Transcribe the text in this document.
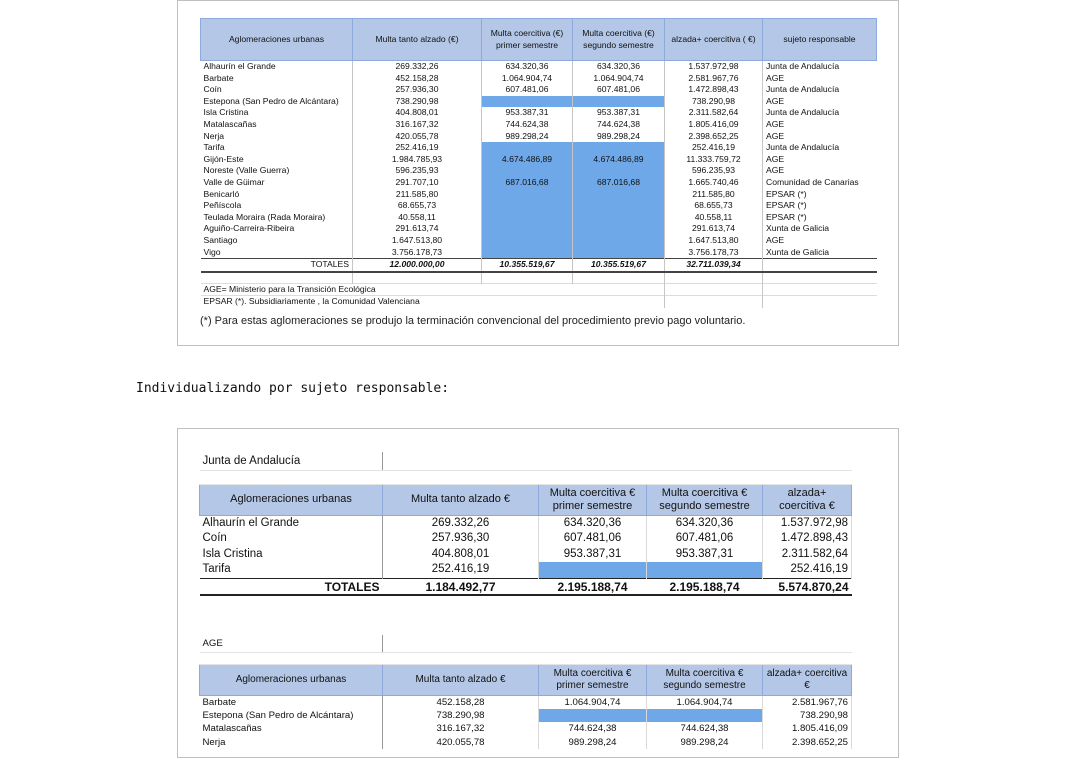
Aglomeraciones urbanas	Multa tanto alzado (€)	Multa coercitiva (€) primer semestre	Multa coercitiva (€) segundo semestre	alzada+ coercitiva ( €)	sujeto responsable
Alhaurín el Grande	269.332,26	634.320,36	634.320,36	1.537.972,98	Junta de Andalucía
Barbate	452.158,28	1.064.904,74	1.064.904,74	2.581.967,76	AGE
Coín	257.936,30	607.481,06	607.481,06	1.472.898,43	Junta de Andalucía
Estepona (San Pedro de Alcántara)	738.290,98			738.290,98	AGE
Isla Cristina	404.808,01	953.387,31	953.387,31	2.311.582,64	Junta de Andalucía
Matalascañas	316.167,32	744.624,38	744.624,38	1.805.416,09	AGE
Nerja	420.055,78	989.298,24	989.298,24	2.398.652,25	AGE
Tarifa	252.416,19			252.416,19	Junta de Andalucía
Gijón-Este	1.984.785,93	4.674.486,89	4.674.486,89	11.333.759,72	AGE
Noreste (Valle Guerra)	596.235,93			596.235,93	AGE
Valle de Güimar	291.707,10	687.016,68	687.016,68	1.665.740,46	Comunidad de Canarias
Benicarló	211.585,80			211.585,80	EPSAR (*)
Peñíscola	68.655,73			68.655,73	EPSAR (*)
Teulada Moraira (Rada Moraira)	40.558,11			40.558,11	EPSAR (*)
Aguiño-Carreira-Ribeira	291.613,74			291.613,74	Xunta de Galicia
Santiago	1.647.513,80			1.647.513,80	AGE
Vigo	3.756.178,73			3.756.178,73	Xunta de Galicia
TOTALES	12.000.000,00	10.355.519,67	10.355.519,67	32.711.039,34	

AGE= Ministerio para la Transición Ecológica					
EPSAR (*). Subsidiariamente , la Comunidad Valenciana					
(*) Para estas aglomeraciones se produjo la terminación convencional del procedimiento previo pago voluntario.
Individualizando por sujeto responsable:
Junta de Andalucía				

Aglomeraciones urbanas	Multa tanto alzado €	Multa coercitiva € primer semestre	Multa coercitiva € segundo semestre	alzada+ coercitiva €
Alhaurín el Grande	269.332,26	634.320,36	634.320,36	1.537.972,98
Coín	257.936,30	607.481,06	607.481,06	1.472.898,43
Isla Cristina	404.808,01	953.387,31	953.387,31	2.311.582,64
Tarifa	252.416,19			252.416,19
TOTALES	1.184.492,77	2.195.188,74	2.195.188,74	5.574.870,24
AGE				

Aglomeraciones urbanas	Multa tanto alzado €	Multa coercitiva € primer semestre	Multa coercitiva € segundo semestre	alzada+ coercitiva €
Barbate	452.158,28	1.064.904,74	1.064.904,74	2.581.967,76
Estepona (San Pedro de Alcántara)	738.290,98			738.290,98
Matalascañas	316.167,32	744.624,38	744.624,38	1.805.416,09
Nerja	420.055,78	989.298,24	989.298,24	2.398.652,25
